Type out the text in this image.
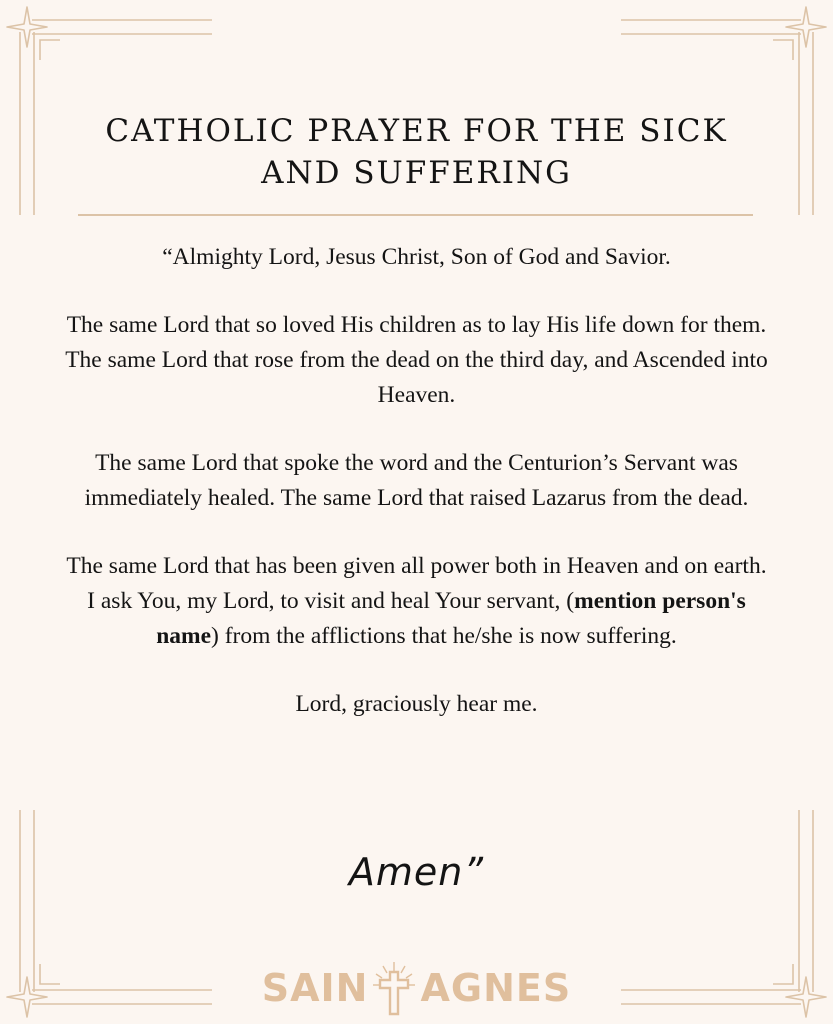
CATHOLIC PRAYER FOR THE SICK
AND SUFFERING

“Almighty Lord, Jesus Christ, Son of God and Savior.

The same Lord that so loved His children as to lay His life down for them. The same Lord that rose from the dead on the third day, and Ascended into Heaven.

The same Lord that spoke the word and the Centurion’s Servant was immediately healed. The same Lord that raised Lazarus from the dead.

The same Lord that has been given all power both in Heaven and on earth. I ask You, my Lord, to visit and heal Your servant, (mention person's name) from the afflictions that he/she is now suffering.

Lord, graciously hear me.

Amen”
SAIN AGNES
